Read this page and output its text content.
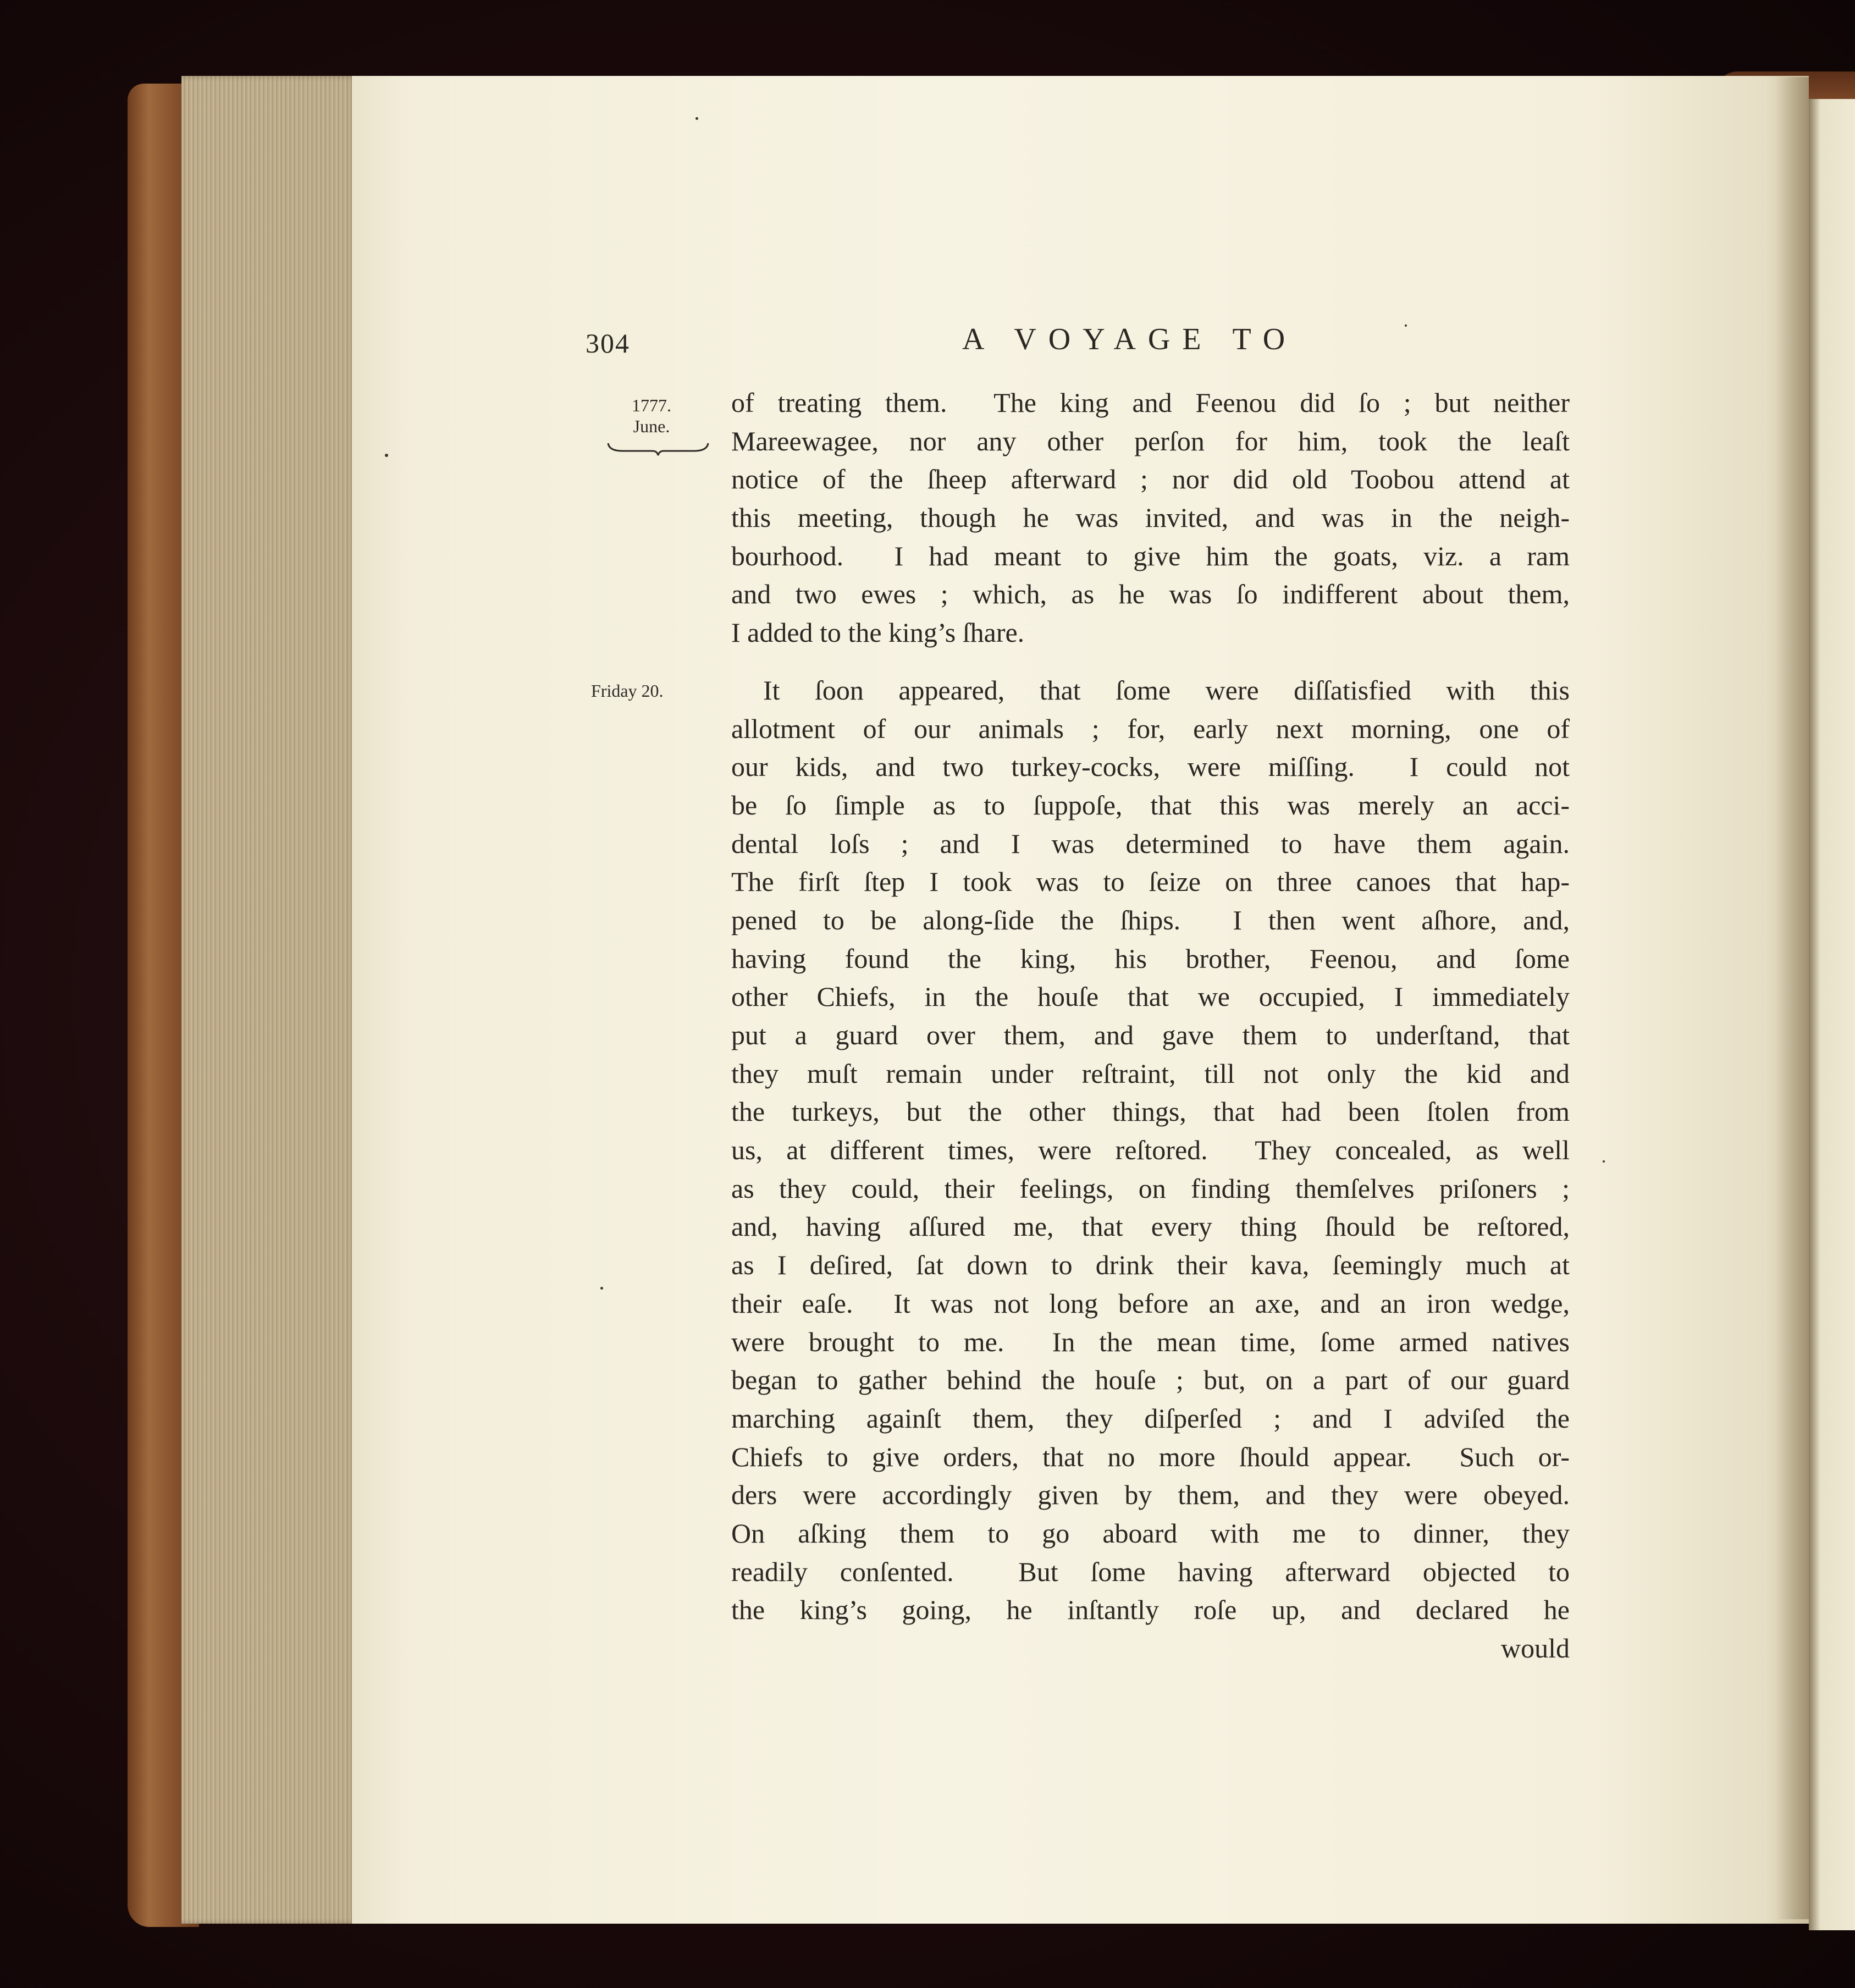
304	A VOYAGE TO
1777.
June.
Friday 20.
of treating them.  The king and Feenou did ſo ; but neither
Mareewagee, nor any other perſon for him, took the leaſt
notice of the ſheep afterward ; nor did old Toobou attend at
this meeting, though he was invited, and was in the neigh-
bourhood.  I had meant to give him the goats, viz. a ram
and two ewes ; which, as he was ſo indifferent about them,
I added to the king’s ſhare.
It ſoon appeared, that ſome were diſſatisfied with this
allotment of our animals ; for, early next morning, one of
our kids, and two turkey-cocks, were miſſing.  I could not
be ſo ſimple as to ſuppoſe, that this was merely an acci-
dental loſs ; and I was determined to have them again.
The firſt ſtep I took was to ſeize on three canoes that hap-
pened to be along-ſide the ſhips.  I then went aſhore, and,
having found the king, his brother, Feenou, and ſome
other Chiefs, in the houſe that we occupied, I immediately
put a guard over them, and gave them to underſtand, that
they muſt remain under reſtraint, till not only the kid and
the turkeys, but the other things, that had been ſtolen from
us, at different times, were reſtored.  They concealed, as well
as they could, their feelings, on finding themſelves priſoners ;
and, having aſſured me, that every thing ſhould be reſtored,
as I deſired, ſat down to drink their kava, ſeemingly much at
their eaſe.  It was not long before an axe, and an iron wedge,
were brought to me.  In the mean time, ſome armed natives
began to gather behind the houſe ; but, on a part of our guard
marching againſt them, they diſperſed ; and I adviſed the
Chiefs to give orders, that no more ſhould appear.  Such or-
ders were accordingly given by them, and they were obeyed.
On aſking them to go aboard with me to dinner, they
readily conſented.  But ſome having afterward objected to
the king’s going, he inſtantly roſe up, and declared he
would
